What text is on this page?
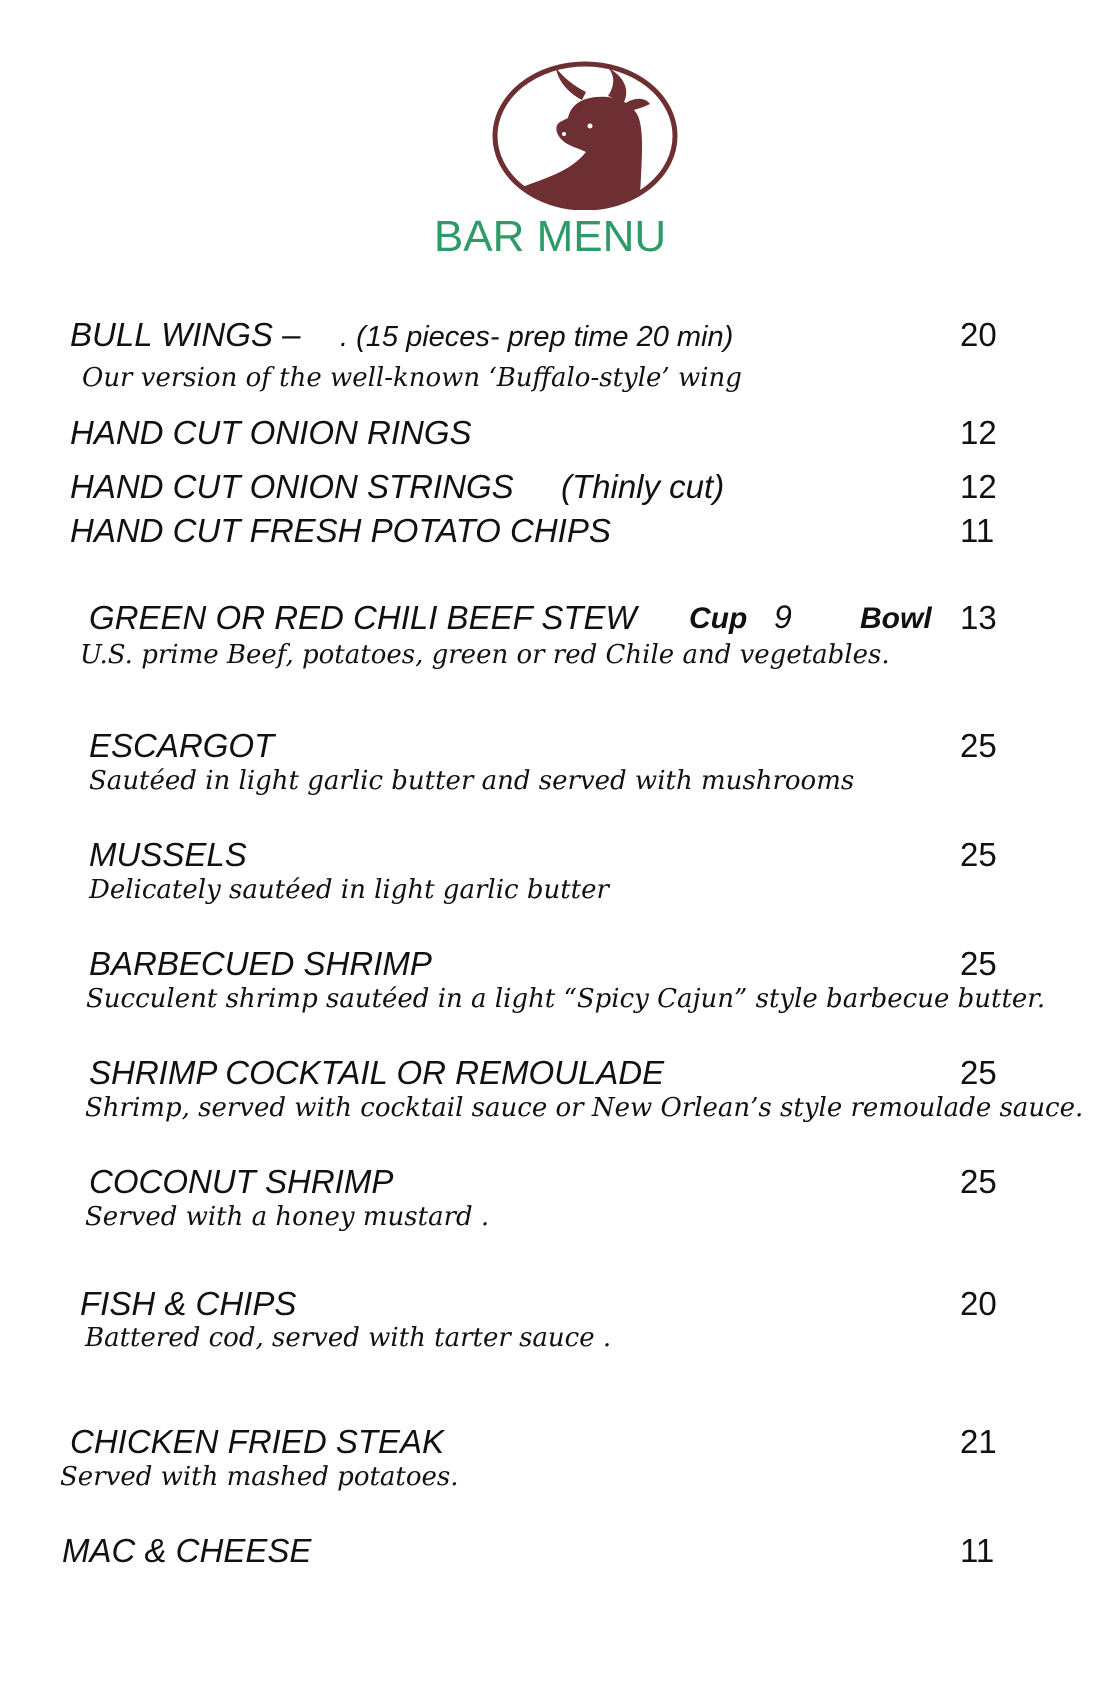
BAR MENU
BULL WINGS – . (15 pieces- prep time 20 min)	20
Our version of the well-known ‘Buffalo-style’ wing
HAND CUT ONION RINGS	12
HAND CUT ONION STRINGS (Thinly cut)	12
HAND CUT FRESH POTATO CHIPS	11
GREEN OR RED CHILI BEEF STEW Cup 9 Bowl 13
U.S. prime Beef, potatoes, green or red Chile and vegetables.
ESCARGOT	25
Sautéed in light garlic butter and served with mushrooms
MUSSELS	25
Delicately sautéed in light garlic butter
BARBECUED SHRIMP	25
Succulent shrimp sautéed in a light “Spicy Cajun” style barbecue butter.
SHRIMP COCKTAIL OR REMOULADE	25
Shrimp, served with cocktail sauce or New Orlean’s style remoulade sauce.
COCONUT SHRIMP	25
Served with a honey mustard .
FISH & CHIPS	20
Battered cod, served with tarter sauce .
CHICKEN FRIED STEAK	21
Served with mashed potatoes.
MAC & CHEESE	11
